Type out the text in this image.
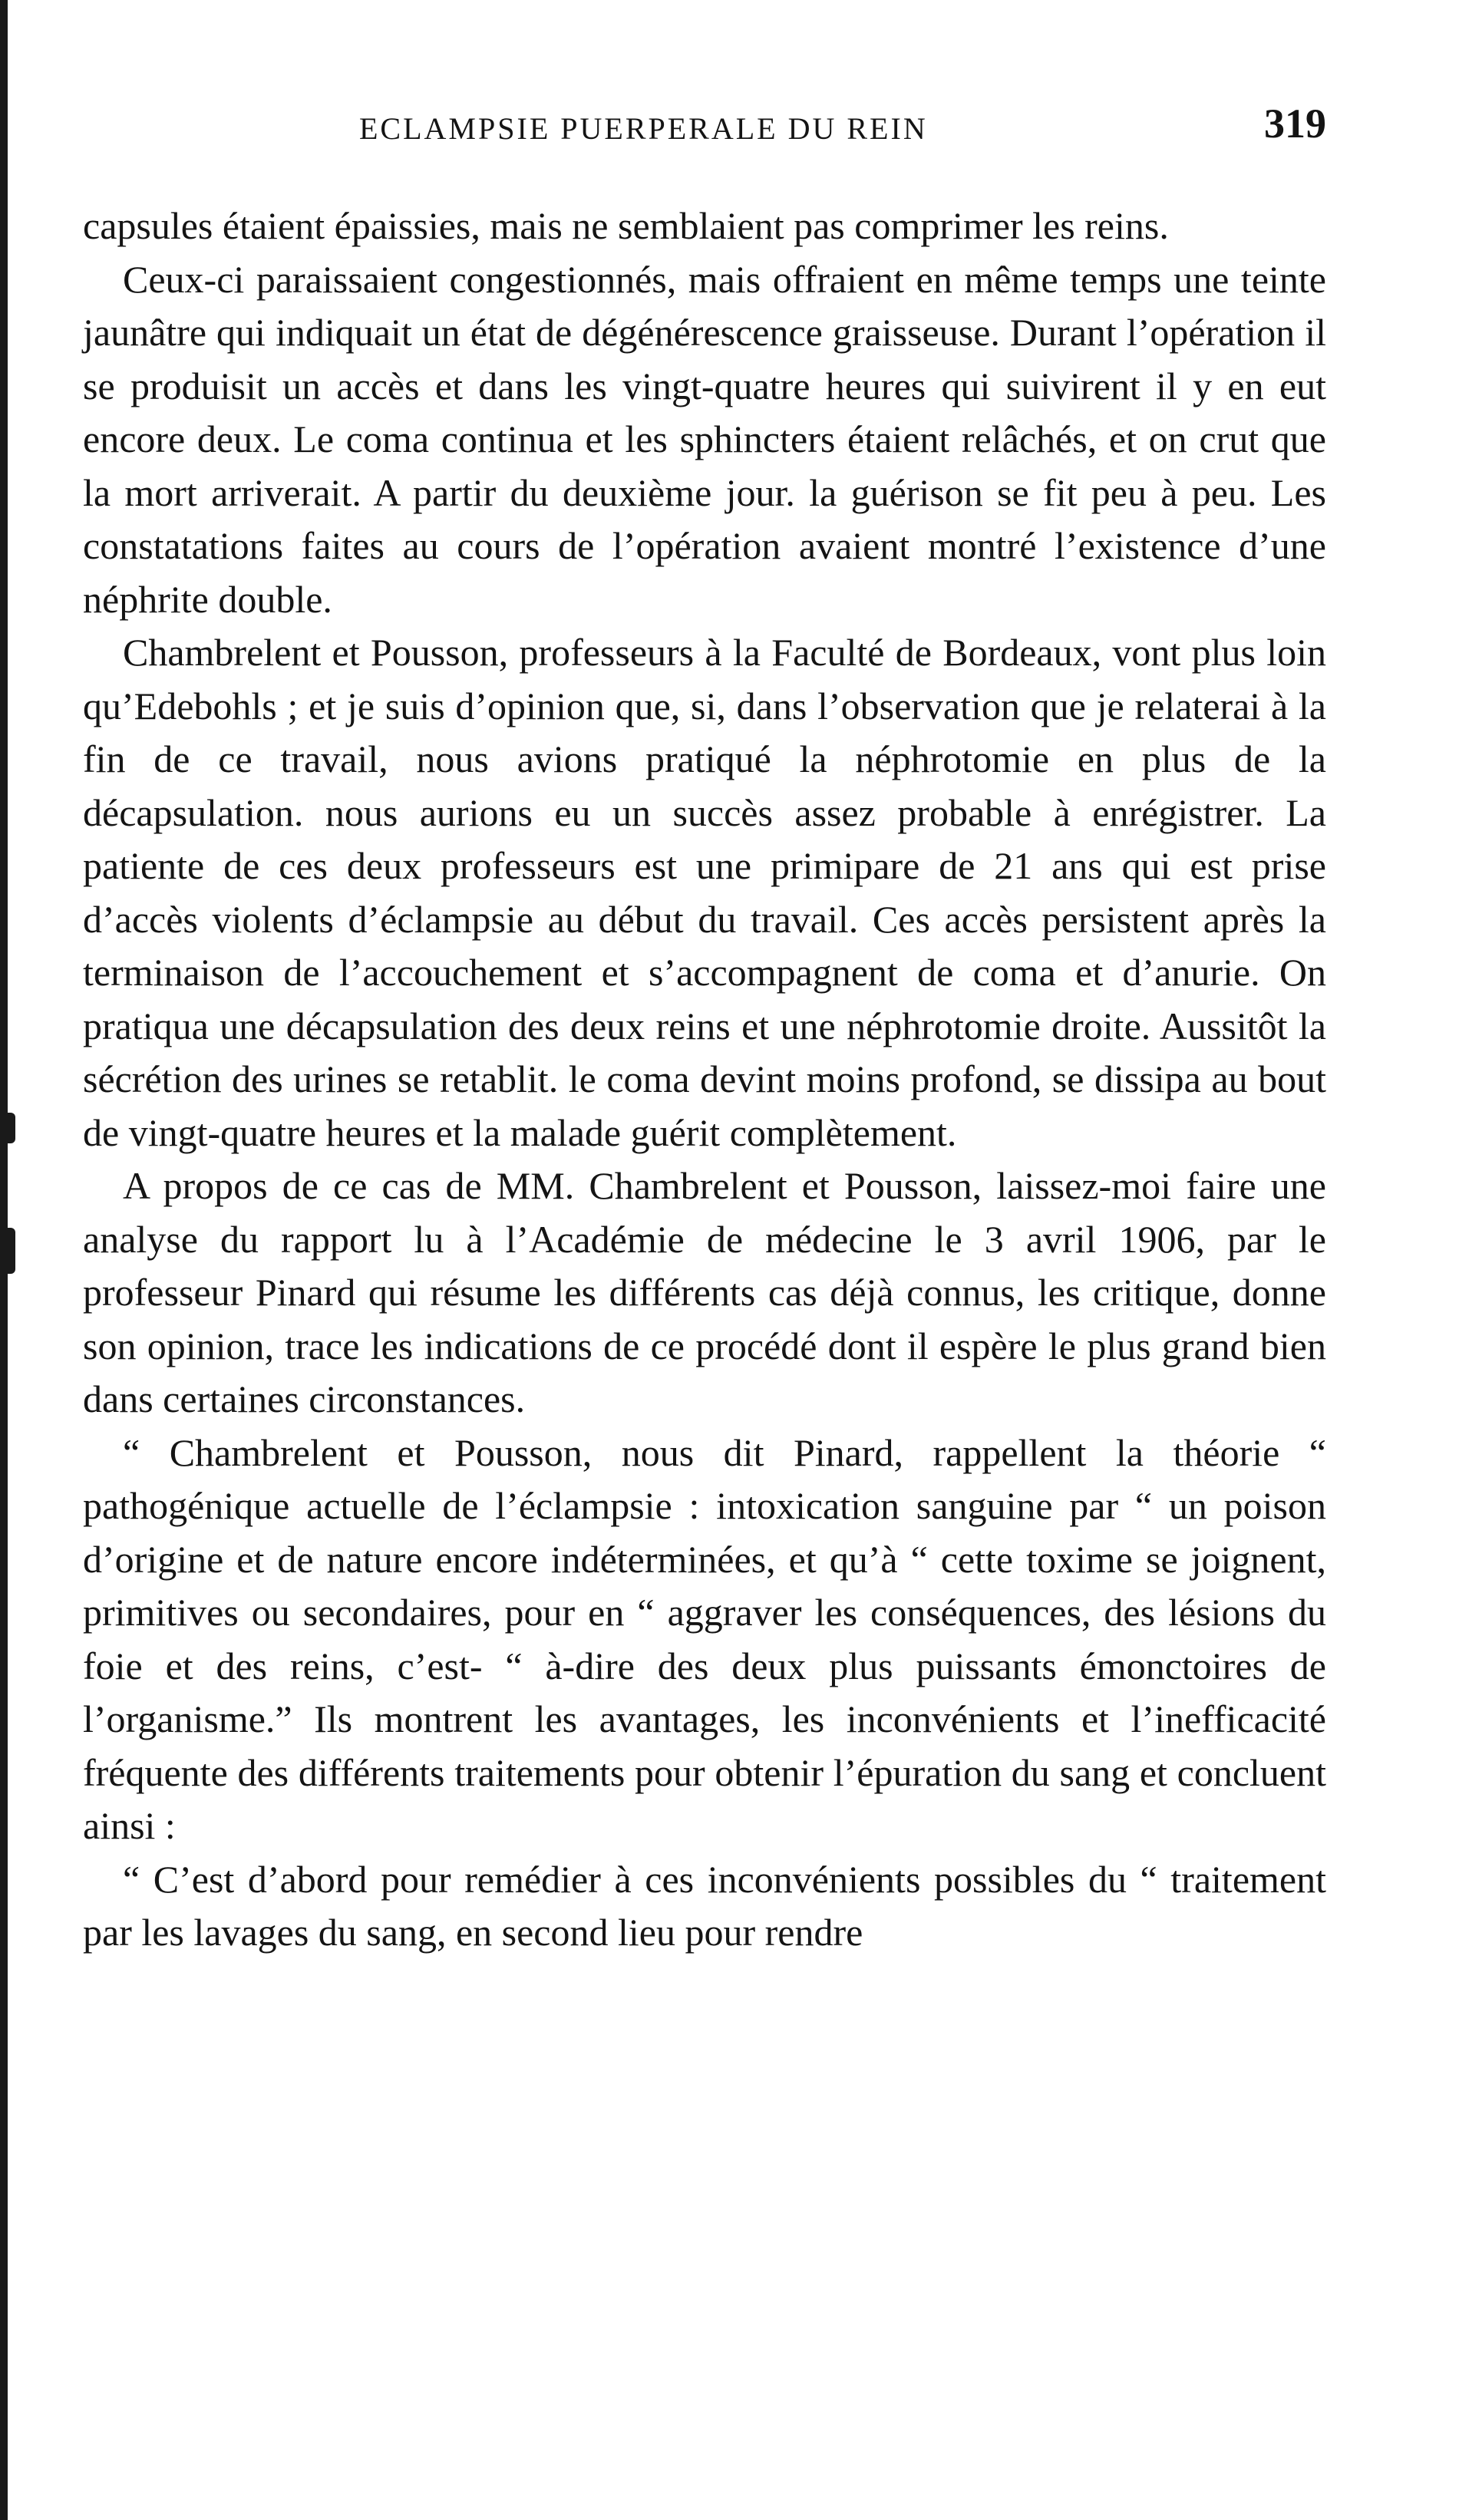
ECLAMPSIE PUERPERALE DU REIN	319

capsules étaient épaissies, mais ne semblaient pas comprimer les reins.

Ceux-ci paraissaient congestionnés, mais offraient en même temps une teinte jaunâtre qui indiquait un état de dégénérescence graisseuse. Durant l’opération il se produisit un accès et dans les vingt-quatre heures qui suivirent il y en eut encore deux. Le coma continua et les sphincters étaient relâchés, et on crut que la mort arriverait. A partir du deuxième jour. la guérison se fit peu à peu. Les constatations faites au cours de l’opération avaient montré l’existence d’une néphrite double.

Chambrelent et Pousson, professeurs à la Faculté de Bordeaux, vont plus loin qu’Edebohls ; et je suis d’opinion que, si, dans l’observation que je relaterai à la fin de ce travail, nous avions pratiqué la néphrotomie en plus de la décapsulation. nous aurions eu un succès assez probable à enrégistrer. La patiente de ces deux professeurs est une primipare de 21 ans qui est prise d’accès violents d’éclampsie au début du travail. Ces accès persistent après la terminaison de l’accouchement et s’accompagnent de coma et d’anurie. On pratiqua une décapsulation des deux reins et une néphrotomie droite. Aussitôt la sécrétion des urines se retablit. le coma devint moins profond, se dissipa au bout de vingt-quatre heures et la malade guérit complètement.

A propos de ce cas de MM. Chambrelent et Pousson, laissez-moi faire une analyse du rapport lu à l’Académie de médecine le 3 avril 1906, par le professeur Pinard qui résume les différents cas déjà connus, les critique, donne son opinion, trace les indications de ce procédé dont il espère le plus grand bien dans certaines circonstances.

“ Chambrelent et Pousson, nous dit Pinard, rappellent la théorie “ pathogénique actuelle de l’éclampsie : intoxication sanguine par “ un poison d’origine et de nature encore indéterminées, et qu’à “ cette toxime se joignent, primitives ou secondaires, pour en “ aggraver les conséquences, des lésions du foie et des reins, c’est- “ à-dire des deux plus puissants émonctoires de l’organisme.” Ils montrent les avantages, les inconvénients et l’inefficacité fréquente des différents traitements pour obtenir l’épuration du sang et concluent ainsi :

“ C’est d’abord pour remédier à ces inconvénients possibles du “ traitement par les lavages du sang, en second lieu pour rendre
